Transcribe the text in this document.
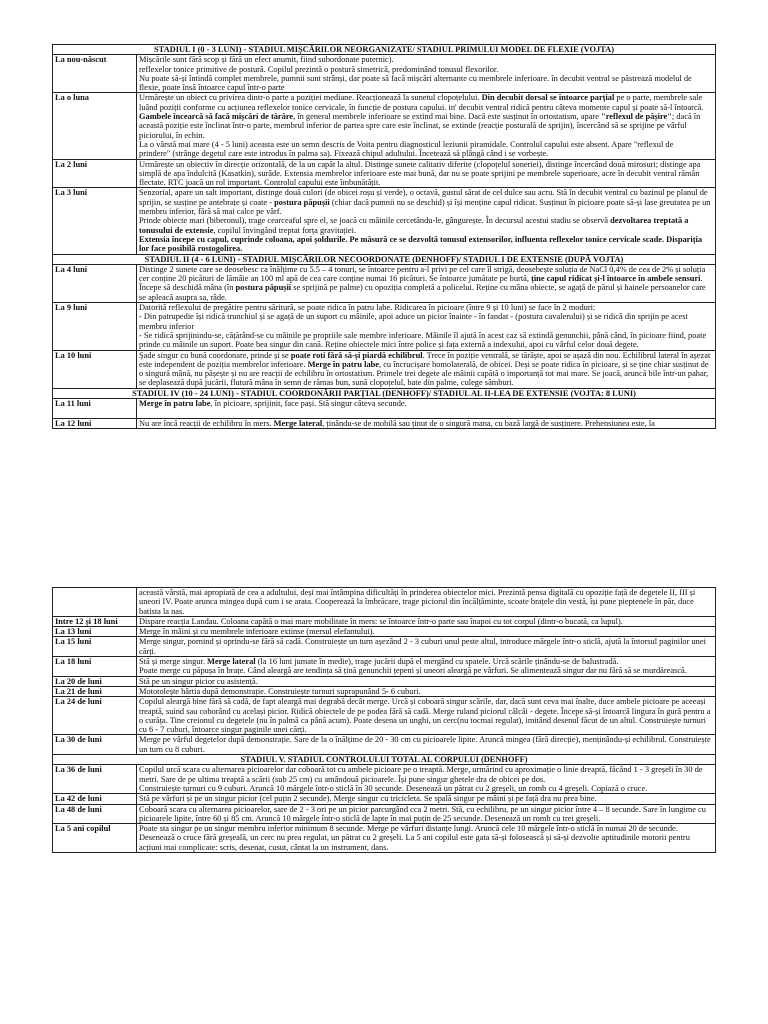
STADIUL I (0 - 3 LUNI) - STADIUL MIȘCĂRILOR NEORGANIZATE/ STADIUL PRIMULUI MODEL DE FLEXIE (VOJTA)	
La nou-născut	Mișcările sunt fără scop și fără un efect anumit, fiind subordonate puternic).

reflexelor tonice primitive de postură. Copilul prezintă o postură simetrică, predominând tonusul flexorilor.

Nu poate să-și întindă complet membrele, pumnii sunt strânși, dar poate să facă mișcări alternante cu membrele inferioare. în decubit ventral se păstrează modelul de flexie, poate însă întoarce capul într-o parte

La o luna	Urmărește un obiect cu privirea dintr-o parte a poziției mediane. Reacționează la sunetul clopoțelului. Din decubit dorsal se întoarce parțial pe o parte, membrele sale luând poziții conforme cu acțiunea reflexelor tonice cervicale, în funcție de postura capului. in' decubit ventral ridică pentru câteva momente capul și poate să-l întoarcă.

Gambele încearcă să facă mișcări de târâre, în general membrele inferioare se extind mai bine. Dacă este susținut în ortostatism, apare "reflexul de pășire"; dacă în această poziție este înclinat într-o parte, membrul inferior de partea spre care este înclinat, se extinde (reacție posturală de sprijin), încercând să se sprijine pe vârful piciorului, în echin.

La o vârstă mai mare (4 - 5 luni) aceasta este un semn descris de Voita pentru diagnosticul leziunii piramidale. Controlul capului este absent. Apare "reflexul de

prindere" (strânge degetul care este introdus în palma sa). Fixează chipul adultului. Încetează să plângă când i se vorbește.

La 2 luni	Urmărește un obiectiv în direcție orizontală, de la un capăt la altul. Distinge sunete calitativ diferite (clopoțelul soneriei), distinge încercând două mirosuri; distinge apa simplă de apa îndulcită (Kasatkin), surâde. Extensia membrelor inferioare este mai bună, dar nu se poate sprijini pe membrele superioare, acre în decubit ventral rămân flectate. RTC joacă un rol important. Controlul capului este îmbunătățit.

La 3 luni	Senzorial, apare un salt important, distinge două culori (de obicei roșu și verde), o octavă, gustul sărat de cel dulce sau acru. Stă în decubit ventral cu bazinul pe planul de sprijin, se susține pe antebrațe și coate - postura păpușii (chiar dacă pumnii nu se deschid) și își menține capul ridicat. Susținut în picioare poate să-și lase greutatea pe un membru inferior, fără să mai calce pe vârf.

Prinde obiecte mari (biberonul), trage cearceaful spre el, se joacă cu mâinile cercetându-le, gângurește. În decursul acestui stadiu se observă dezvoltarea treptată a tonusului de extensie, copilul învingând treptat forța gravitației.

Extensia începe cu capul, cuprinde coloana, apoi șoldurile. Pe măsură ce se dezvoltă tonusul extensorilor, influenta reflexelor tonice cervicale scade. Dispariția lor face posibilă rostogolirea.

STADIUL II (4 - 6 LUNI) - STADIUL MIȘCĂRILOR NECOORDONATE (DENHOFF)/ STADIUL I DE EXTENSIE (DUPĂ VOJTA)	
La 4 luni	Distinge 2 sunete care se deosebesc ca înălțime cu 5.5 – 4 tonuri, se întoarce pentru a-l privi pe cel care îl strigă, deosebește soluția de NaCl 0,4% de cea de 2% și soluția cer conține 20 picături de lămâie an 100 ml apă de cea care conține numai 16 picături. Se întoarce jumătate pe burtă, ține capul ridicat și-l întoarce în ambele sensuri. Începe să deschidă mâna (în postura păpușii se sprijină pe palme) cu opoziția completă a policelui. Reține cu mâna obiecte, se agață de părul și hainele persoanelor care se apleacă asupra sa, râde.

La 9 luni	Datorită reflexului de pregătire pentru săritură, se poate ridica în patru labe. Ridicarea în picioare (între 9 și 10 luni) se face în 2 moduri:

- Din patrupedie își ridică trunchiul și se agață de un suport cu mâinile, apoi aduce un picior înainte - în fandat - (postura cavalerului) și se ridică din sprijin pe acest membru inferior

- Se ridică sprijinindu-se, cățărând-se cu mâinile pe propriile sale membre inferioare. Mâinile îl ajută în acest caz să extindă genunchii, până când, în picioare fiind, poate prinde cu mâinile un suport. Poate bea singur din cană. Reține obiectele mici între police și fața externă a indexului, apoi cu vârful celor două degete.

La 10 luni	Șade singur cu bună coordonare, prinde și se poate roti fără să-și piardă echilibrul. Trece în poziție ventrală, se tărăște, apoi se așază din nou. Echilibrul lateral în așezat este independent de poziția membrelor inferioare. Merge în patru labe, cu încrucișare homolaterală, de obicei. Deși se poate ridica în picioare, și se ține chiar susținut de o singură mână, nu pășește și nu are reacții de echilibru în ortostatism. Primele trei degete ale mâinii capătă o importanță tot mai mare. Se joacă, aruncă bile într-un pahar, se deplasează după jucării, flutură mâna în semn de rămas bun, sună clopoțelul, bate din palme, culege sâmburi.

STADIUL IV (10 - 24 LUNI) - STADIUL COORDONĂRII PARȚIAL (DENHOFF)/ STADIUL AL II-LEA DE EXTENSIE (VOJTA: 8 LUNI)	
La 11 luni	Merge în patru labe, în picioare, sprijinit, face pași. Stă singur câteva secunde.

La 12 luni	Nu are încă reacții de echilibru în mers. Merge lateral, ținându-se de mobilă sau ținut de o singură mana, cu bază largă de susținere. Prehensiunea este, la

	această vârstă, mai apropiată de cea a adultului, deși mai întâmpina dificultăți în prinderea obiectelor mici. Prezintă pensa digitală cu opoziție față de degetele II, III și uneori IV. Poate arunca mingea după cum i se arata. Cooperează la îmbrăcare, trage piciorul din încălțăminte, scoate brațele din vestă, își pune pieptenele în păr, duce batista la nas.

Intre 12 și 18 luni	Dispare reacția Landau. Coloana capătă o mai mare mobilitate în mers: se întoarce într-o parte sau înapoi cu tot corpul (dintr-o bucată, ca lupul).

La 13 luni	Merge în mâini și cu membrele inferioare extinse (mersul elefantului).

La 15 luni	Merge singur, pornind și oprindu-se fără să cadă. Construiește un turn așezând 2 - 3 cuburi unul peste altul, introduce mărgele într-o sticlă, ajută la întorsul paginilor unei cărți.

La 18 luni	Stă și merge singur. Merge lateral (la 16 luni jumate în medie), trage jucării după el mergând cu spatele. Urcă scările ținându-se de balustradă.

Poate merge cu păpușa în brațe. Când aleargă are tendința să țină genunchii țepeni și uneori aleargă pe vârfuri. Se alimentează singur dar nu fără să se murdărească.

La 20 de luni	Stă pe un singur picior cu asistență.

La 21 de luni	Mototolește hârtia după demonstrație. Construiește turnuri suprapunând 5- 6 cuburi.

La 24 de luni	Copilul aleargă bine fără să cadă, de fapt aleargă mai degrabă decât merge. Urcă și coboară singur scările, dar, dacă sunt ceva mai înalte, duce ambele picioare pe aceeași treaptă, suind sau coborând cu același picior. Ridică obiectele de pe podea fără să cadă. Merge ruland piciorul călcâi - degete. Începe să-și întoarcă lingura în gură pentru a o curăța. Tine creionul cu degetele (nu în palmă ca până acum). Poate desena un unghi, un cerc(nu tocmai regulat), imitând desenul făcut de un altul. Construiește turnuri cu 6 - 7 cuburi, întoarce singur paginile unei cărți.

La 30 de luni	Merge pe vârful degetelor după demonstrație. Sare de la o înălțime de 20 - 30 cm cu picioarele lipite. Aruncă mingea (fără direcție), menținându-și echilibrul. Construiește un turn cu 8 cuburi.

STADIUL V. STADIUL CONTROLULUI TOTAL AL CORPULUI (DENHOFF)	
La 36 de luni	Copilul urcă scara cu alternarea picioarelor dar coboară tot cu ambele picioare pe o treaptă. Merge, urmărind cu aproximație o linie dreaptă, făcând 1 - 3 greșeli în 30 de metri. Sare de pe ultima treaptă a scării (sub 25 cm) cu amândouă picioarele. Își pune singur ghetele dra de obicei pe dos.

Construiește turnuri cu 9 cuburi. Aruncă 10 mărgele într-o sticlă în 30 secunde. Desenează un pătrat cu 2 greșeli, un romb cu 4 greșeli. Copiază o cruce.

La 42 de luni	Stă pe vârfuri și pe un singur picior (cel puțin 2 secunde). Merge singur cu tricicleta. Se spală singur pe mâini și pe față dra nu prea bine.

La 48 de luni	Coboară scara cu alternarea picioarelor, sare de 2 - 3 ori pe un picior parcurgând cca 2 metri. Stă, cu echilibru, pe un singur picior între 4 – 8 secunde. Sare în lungime cu picioarele lipite, între 60 și 85 cm. Aruncă 10 mărgele într-o sticlă de lapte în mai puțin de 25 secunde. Desenează un romb cu trei greșeli.

La 5 ani copilul	Poate sta singur pe un singur membru inferior minimum 8 secunde. Merge pe vârfuri distanțe lungi. Aruncă cele 10 mărgele într-o sticlă în numai 20 de secunde. Desenează o cruce fără greșeală, un cerc nu prea regulat, un pătrat cu 2 greșeli. La 5 ani copilul este gata să-și folosească și să-și dezvolte aptitudinile motorii pentru acțiuni mai complicate: scris, desenat, cusut, cântat la un instrument, dans.
